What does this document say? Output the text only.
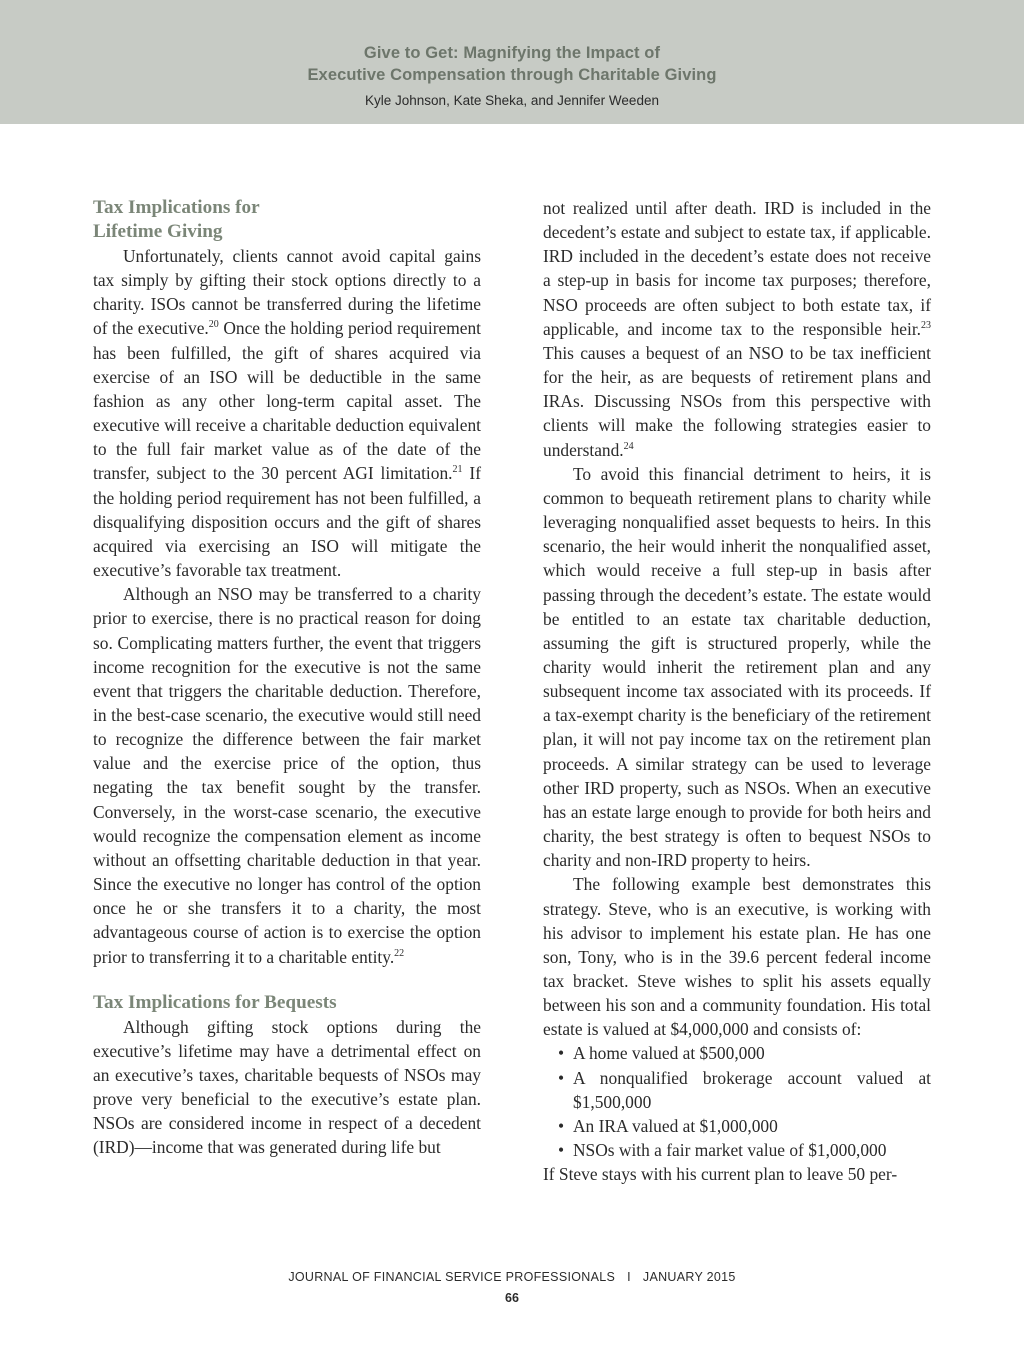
Give to Get: Magnifying the Impact of
Executive Compensation through Charitable Giving
Kyle Johnson, Kate Sheka, and Jennifer Weeden
Tax Implications for
Lifetime Giving

Unfortunately, clients cannot avoid capital gains tax simply by gifting their stock options directly to a charity. ISOs cannot be transferred during the lifetime of the executive.$^{20}$ Once the holding period requirement has been fulfilled, the gift of shares acquired via exercise of an ISO will be deductible in the same fashion as any other long-term capital asset. The executive will receive a charitable deduction equivalent to the full fair market value as of the date of the transfer, subject to the 30 percent AGI limitation.$^{21}$ If the holding period requirement has not been fulfilled, a disqualifying disposition occurs and the gift of shares acquired via exercising an ISO will mitigate the executive’s favorable tax treatment.

Although an NSO may be transferred to a charity prior to exercise, there is no practical reason for doing so. Complicating matters further, the event that triggers income recognition for the executive is not the same event that triggers the charitable deduction. Therefore, in the best-case scenario, the executive would still need to recognize the difference between the fair market value and the exercise price of the option, thus negating the tax benefit sought by the transfer. Conversely, in the worst-case scenario, the executive would recognize the compensation element as income without an offsetting charitable deduction in that year. Since the executive no longer has control of the option once he or she transfers it to a charity, the most advantageous course of action is to exercise the option prior to transferring it to a charitable entity.$^{22}$

Tax Implications for Bequests

Although gifting stock options during the executive’s lifetime may have a detrimental effect on an executive’s taxes, charitable bequests of NSOs may prove very beneficial to the executive’s estate plan. NSOs are considered income in respect of a decedent (IRD)—income that was generated during life but

not realized until after death. IRD is included in the decedent’s estate and subject to estate tax, if applicable. IRD included in the decedent’s estate does not receive a step-up in basis for income tax purposes; therefore, NSO proceeds are often subject to both estate tax, if applicable, and income tax to the responsible heir.$^{23}$ This causes a bequest of an NSO to be tax inefficient for the heir, as are bequests of retirement plans and IRAs. Discussing NSOs from this perspective with clients will make the following strategies easier to understand.$^{24}$

To avoid this financial detriment to heirs, it is common to bequeath retirement plans to charity while leveraging nonqualified asset bequests to heirs. In this scenario, the heir would inherit the nonqualified asset, which would receive a full step-up in basis after passing through the decedent’s estate. The estate would be entitled to an estate tax charitable deduction, assuming the gift is structured properly, while the charity would inherit the retirement plan and any subsequent income tax associated with its proceeds. If a tax-exempt charity is the beneficiary of the retirement plan, it will not pay income tax on the retirement plan proceeds. A similar strategy can be used to leverage other IRD property, such as NSOs. When an executive has an estate large enough to provide for both heirs and charity, the best strategy is often to bequest NSOs to charity and non-IRD property to heirs.

The following example best demonstrates this strategy. Steve, who is an executive, is working with his advisor to implement his estate plan. He has one son, Tony, who is in the 39.6 percent federal income tax bracket. Steve wishes to split his assets equally between his son and a community foundation. His total estate is valued at $4,000,000 and consists of:

• A home valued at $500,000
• A nonqualified brokerage account valued at $1,500,000
• An IRA valued at $1,000,000
• NSOs with a fair market value of $1,000,000

If Steve stays with his current plan to leave 50 per-

JOURNAL OF FINANCIAL SERVICE PROFESSIONALS I JANUARY 2015
66
